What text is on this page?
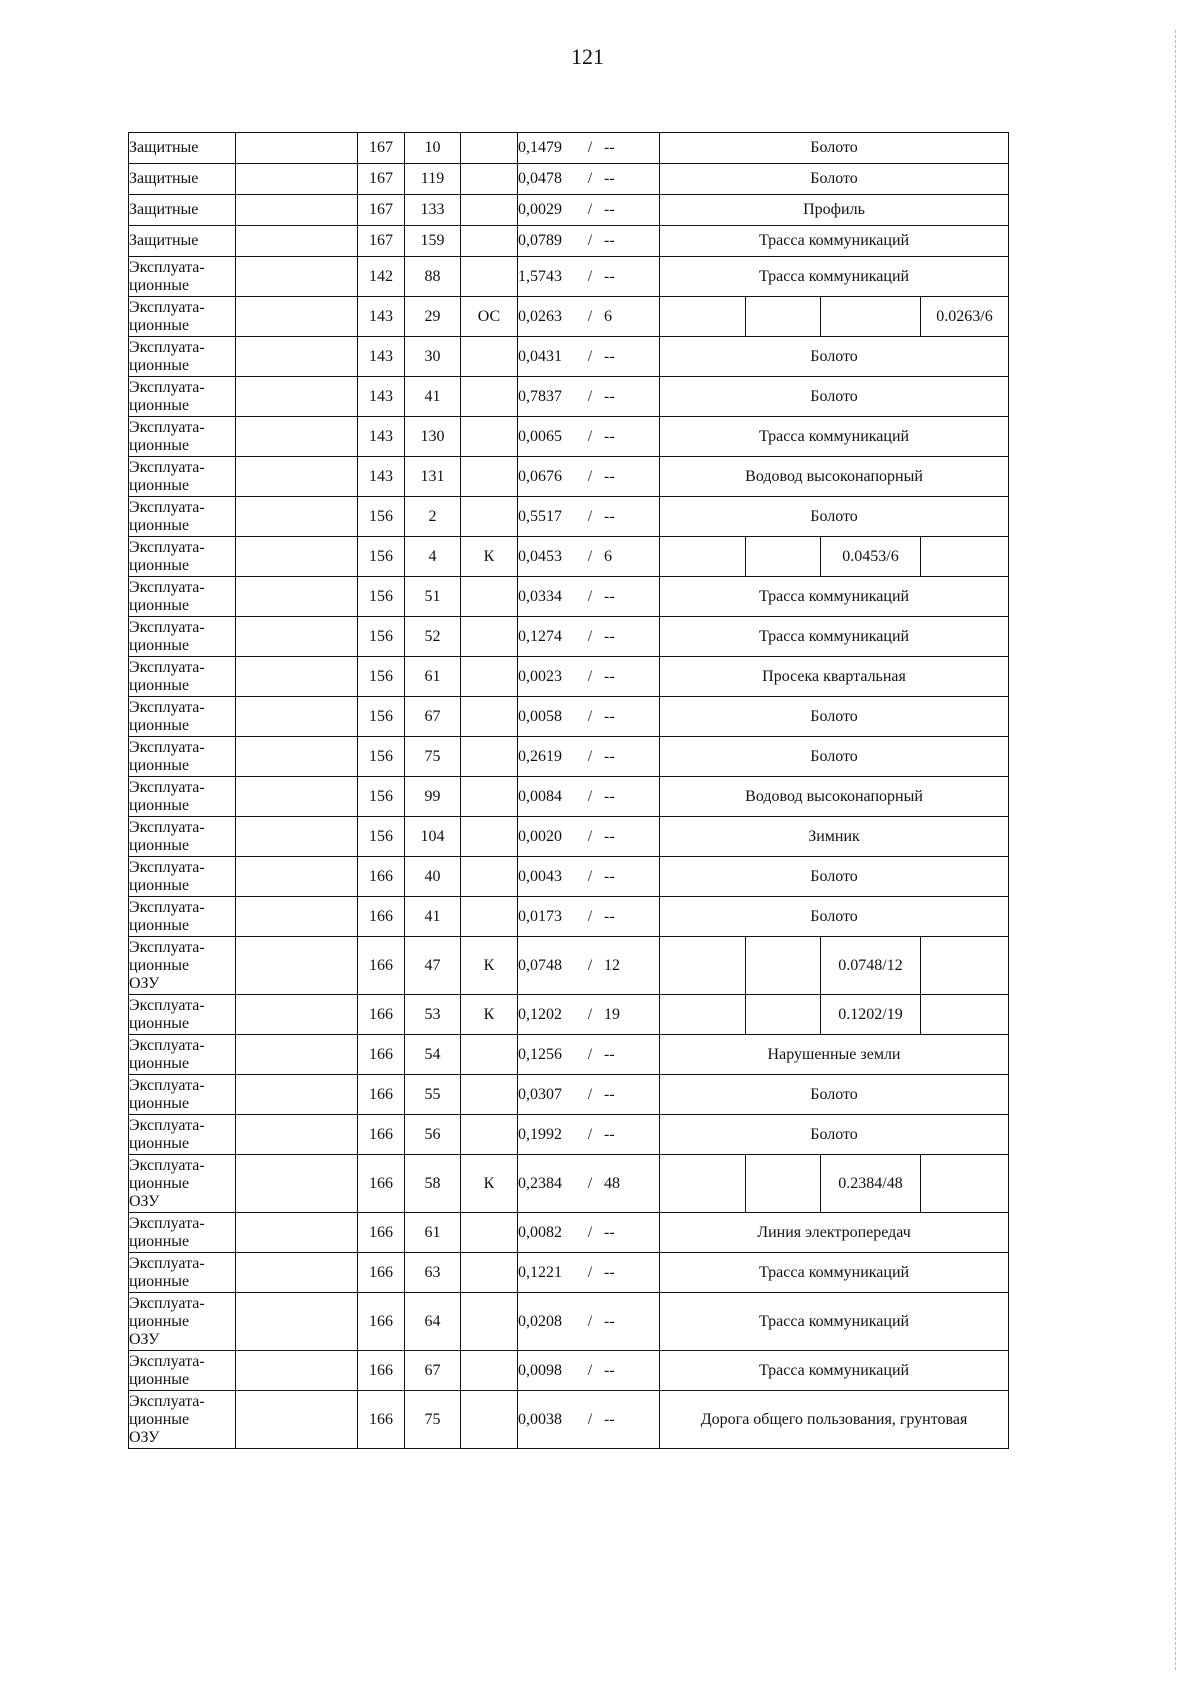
121
Защитные		167	10		0,1479 / --	Болото			

Защитные		167	119		0,0478 / --	Болото			

Защитные		167	133		0,0029 / --	Профиль			

Защитные		167	159		0,0789 / --	Трасса коммуникаций			

Эксплуата-
ционные		142	88		1,5743 / --	Трасса коммуникаций			

Эксплуата-
ционные		143	29	ОС	0,0263 / 6				0.0263/6

Эксплуата-
ционные		143	30		0,0431 / --	Болото			

Эксплуата-
ционные		143	41		0,7837 / --	Болото			

Эксплуата-
ционные		143	130		0,0065 / --	Трасса коммуникаций			

Эксплуата-
ционные		143	131		0,0676 / --	Водовод высоконапорный			

Эксплуата-
ционные		156	2		0,5517 / --	Болото			

Эксплуата-
ционные		156	4	К	0,0453 / 6			0.0453/6	

Эксплуата-
ционные		156	51		0,0334 / --	Трасса коммуникаций			

Эксплуата-
ционные		156	52		0,1274 / --	Трасса коммуникаций			

Эксплуата-
ционные		156	61		0,0023 / --	Просека квартальная			

Эксплуата-
ционные		156	67		0,0058 / --	Болото			

Эксплуата-
ционные		156	75		0,2619 / --	Болото			

Эксплуата-
ционные		156	99		0,0084 / --	Водовод высоконапорный			

Эксплуата-
ционные		156	104		0,0020 / --	Зимник			

Эксплуата-
ционные		166	40		0,0043 / --	Болото			

Эксплуата-
ционные		166	41		0,0173 / --	Болото			

Эксплуата-
ционные
ОЗУ		166	47	К	0,0748 / 12			0.0748/12	

Эксплуата-
ционные		166	53	К	0,1202 / 19			0.1202/19	

Эксплуата-
ционные		166	54		0,1256 / --	Нарушенные земли			

Эксплуата-
ционные		166	55		0,0307 / --	Болото			

Эксплуата-
ционные		166	56		0,1992 / --	Болото			

Эксплуата-
ционные
ОЗУ		166	58	К	0,2384 / 48			0.2384/48	

Эксплуата-
ционные		166	61		0,0082 / --	Линия электропередач			

Эксплуата-
ционные		166	63		0,1221 / --	Трасса коммуникаций			

Эксплуата-
ционные
ОЗУ		166	64		0,0208 / --	Трасса коммуникаций			

Эксплуата-
ционные		166	67		0,0098 / --	Трасса коммуникаций			

Эксплуата-
ционные
ОЗУ		166	75		0,0038 / --	Дорога общего пользования, грунтовая			
